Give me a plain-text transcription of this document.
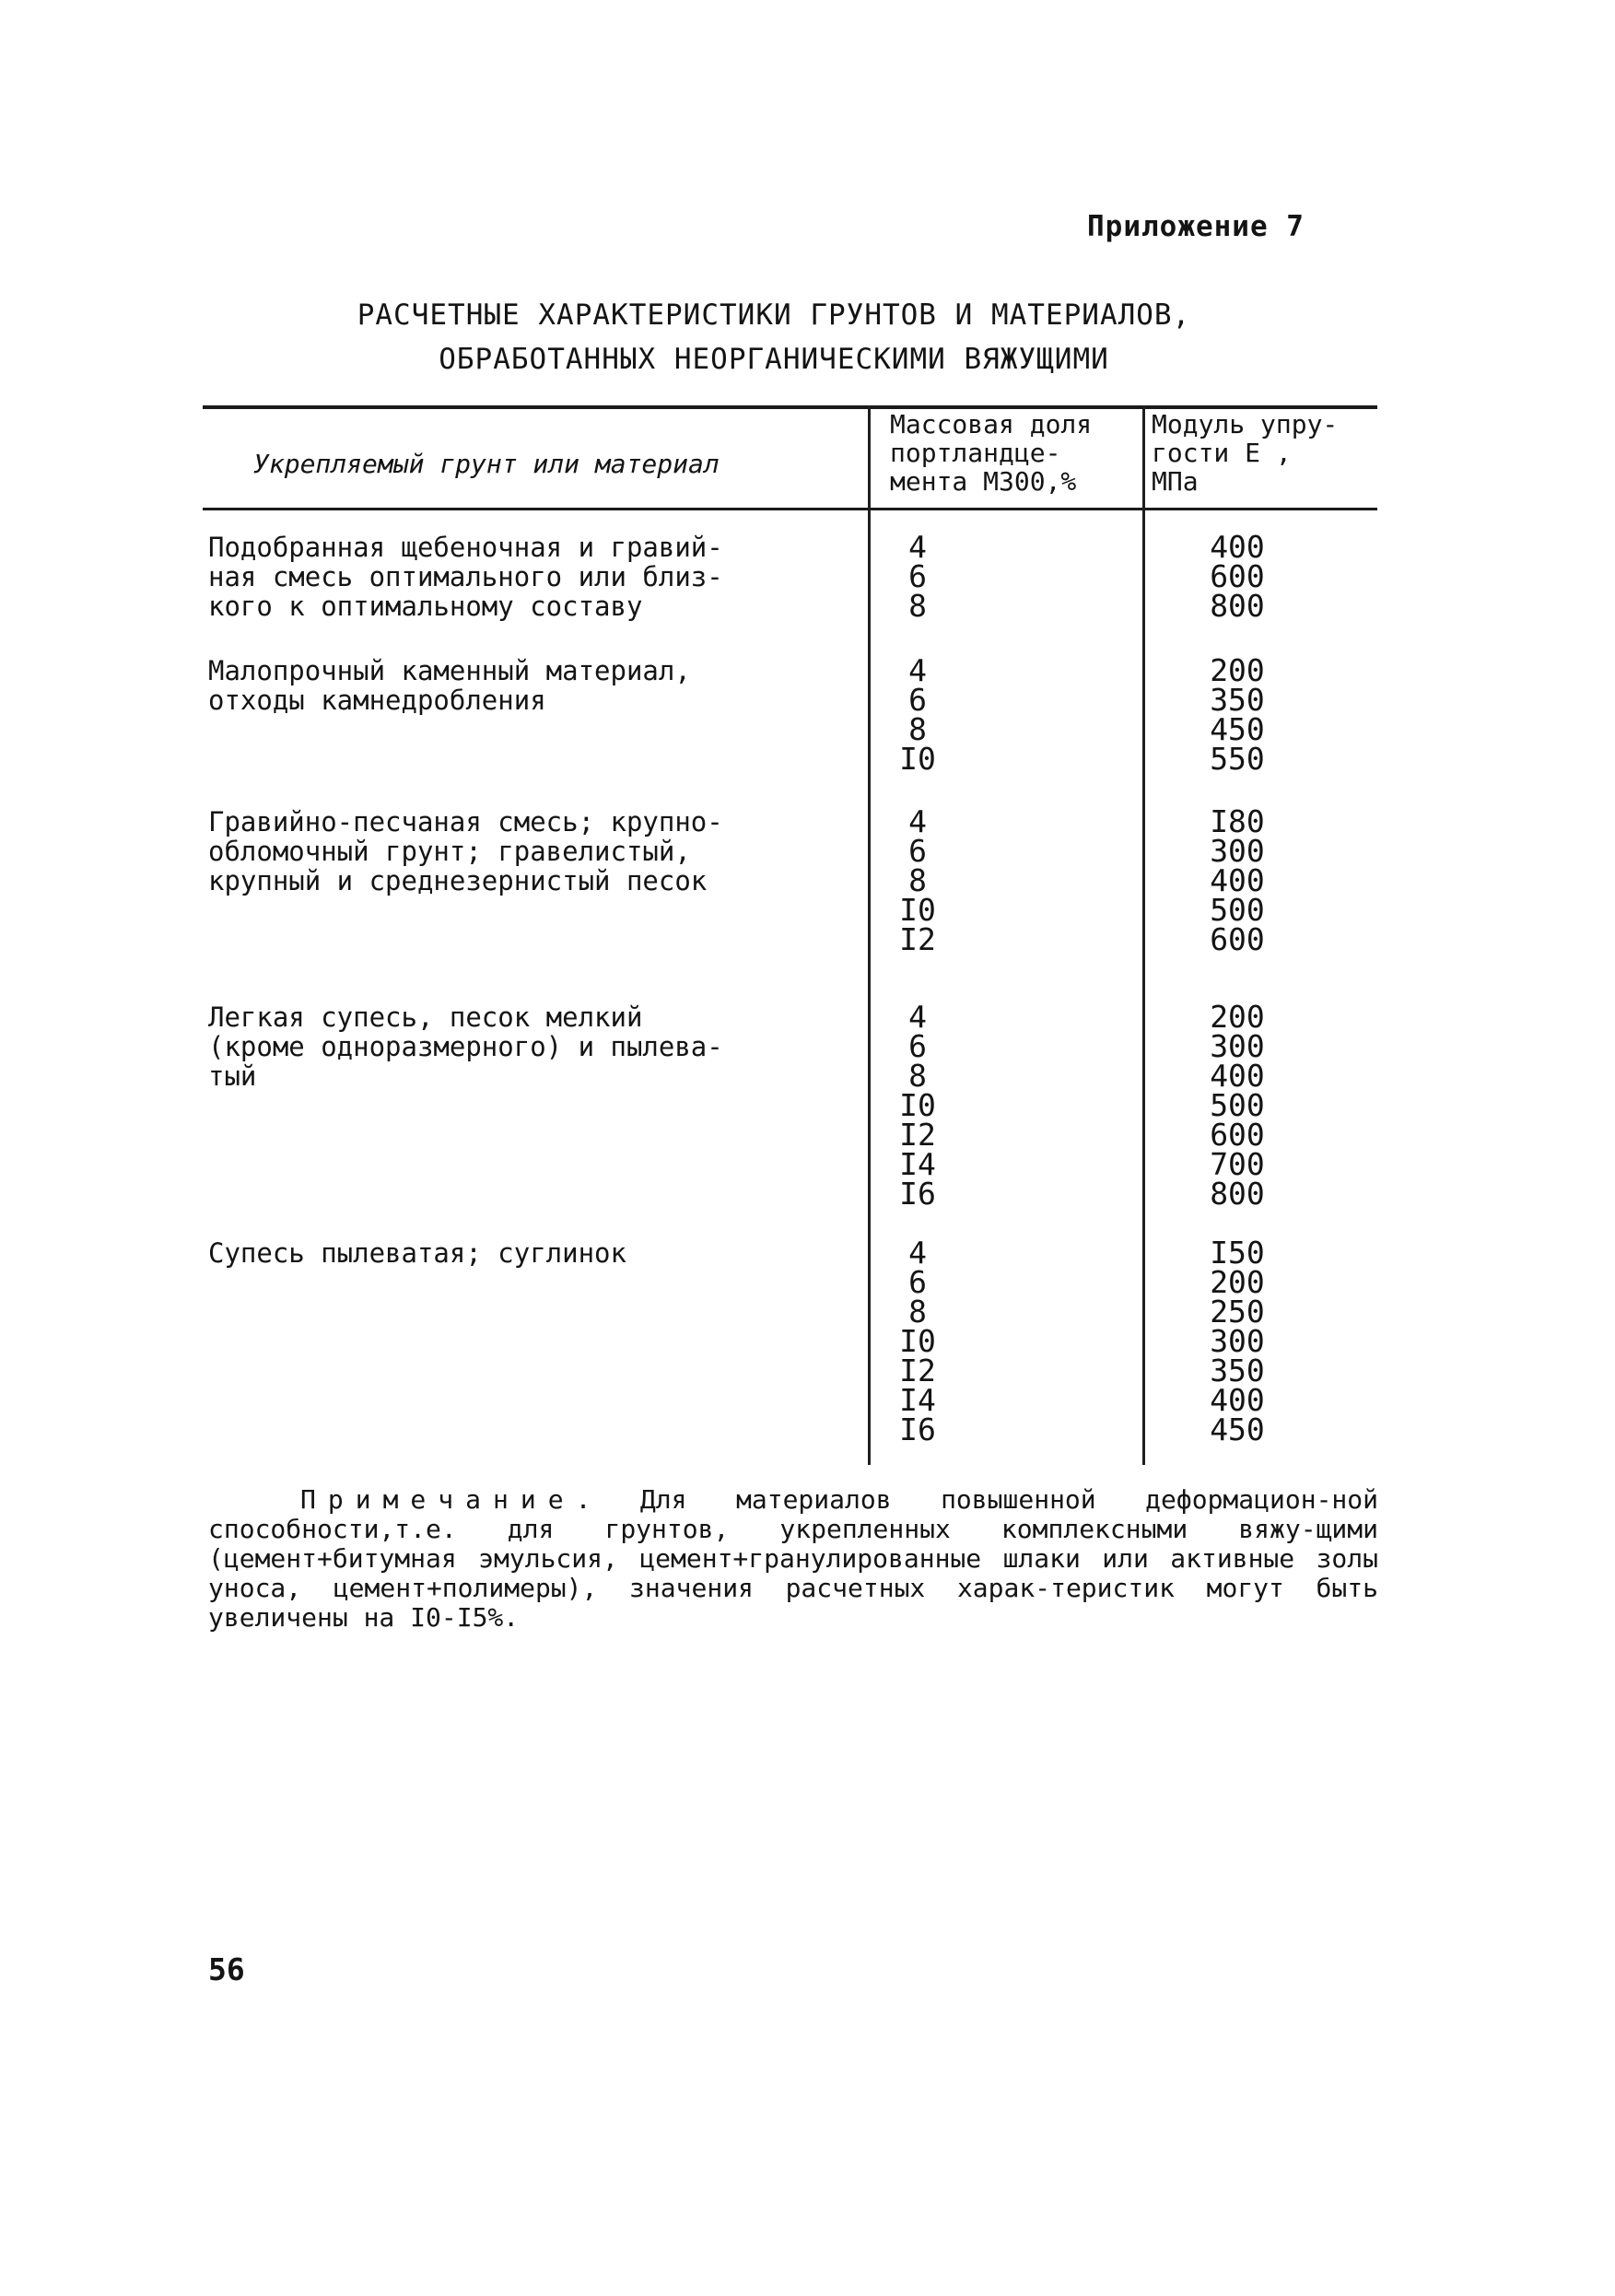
Приложение 7
РАСЧЕТНЫЕ ХАРАКТЕРИСТИКИ ГРУНТОВ И МАТЕРИАЛОВ,
ОБРАБОТАННЫХ НЕОРГАНИЧЕСКИМИ ВЯЖУЩИМИ
Укрепляемый грунт или материал
Массовая доля
портландце-
мента М300,%
Модуль упру-
гости E ,
МПа
Подобранная щебеночная и гравий-
ная смесь оптимального или близ-
кого к оптимальному составу
4
6
8
400
600
800
Малопрочный каменный материал,
отходы камнедробления
4
6
8
I0
200
350
450
550
Гравийно-песчаная смесь; крупно-
обломочный грунт; гравелистый,
крупный и среднезернистый песок
4
6
8
I0
I2
I80
300
400
500
600
Легкая супесь, песок мелкий
(кроме одноразмерного) и пылева-
тый
4
6
8
I0
I2
I4
I6
200
300
400
500
600
700
800
Супесь пылеватая; суглинок	4
6
8
I0
I2
I4
I6
I50
200
250
300
350
400
450
Примечание. Для материалов повышенной деформацион-ной способности,т.е. для грунтов, укрепленных комплексными вяжу-щими (цемент+битумная эмульсия, цемент+гранулированные шлаки или активные золы уноса, цемент+полимеры), значения расчетных харак-теристик могут быть увеличены на I0-I5%.
56
